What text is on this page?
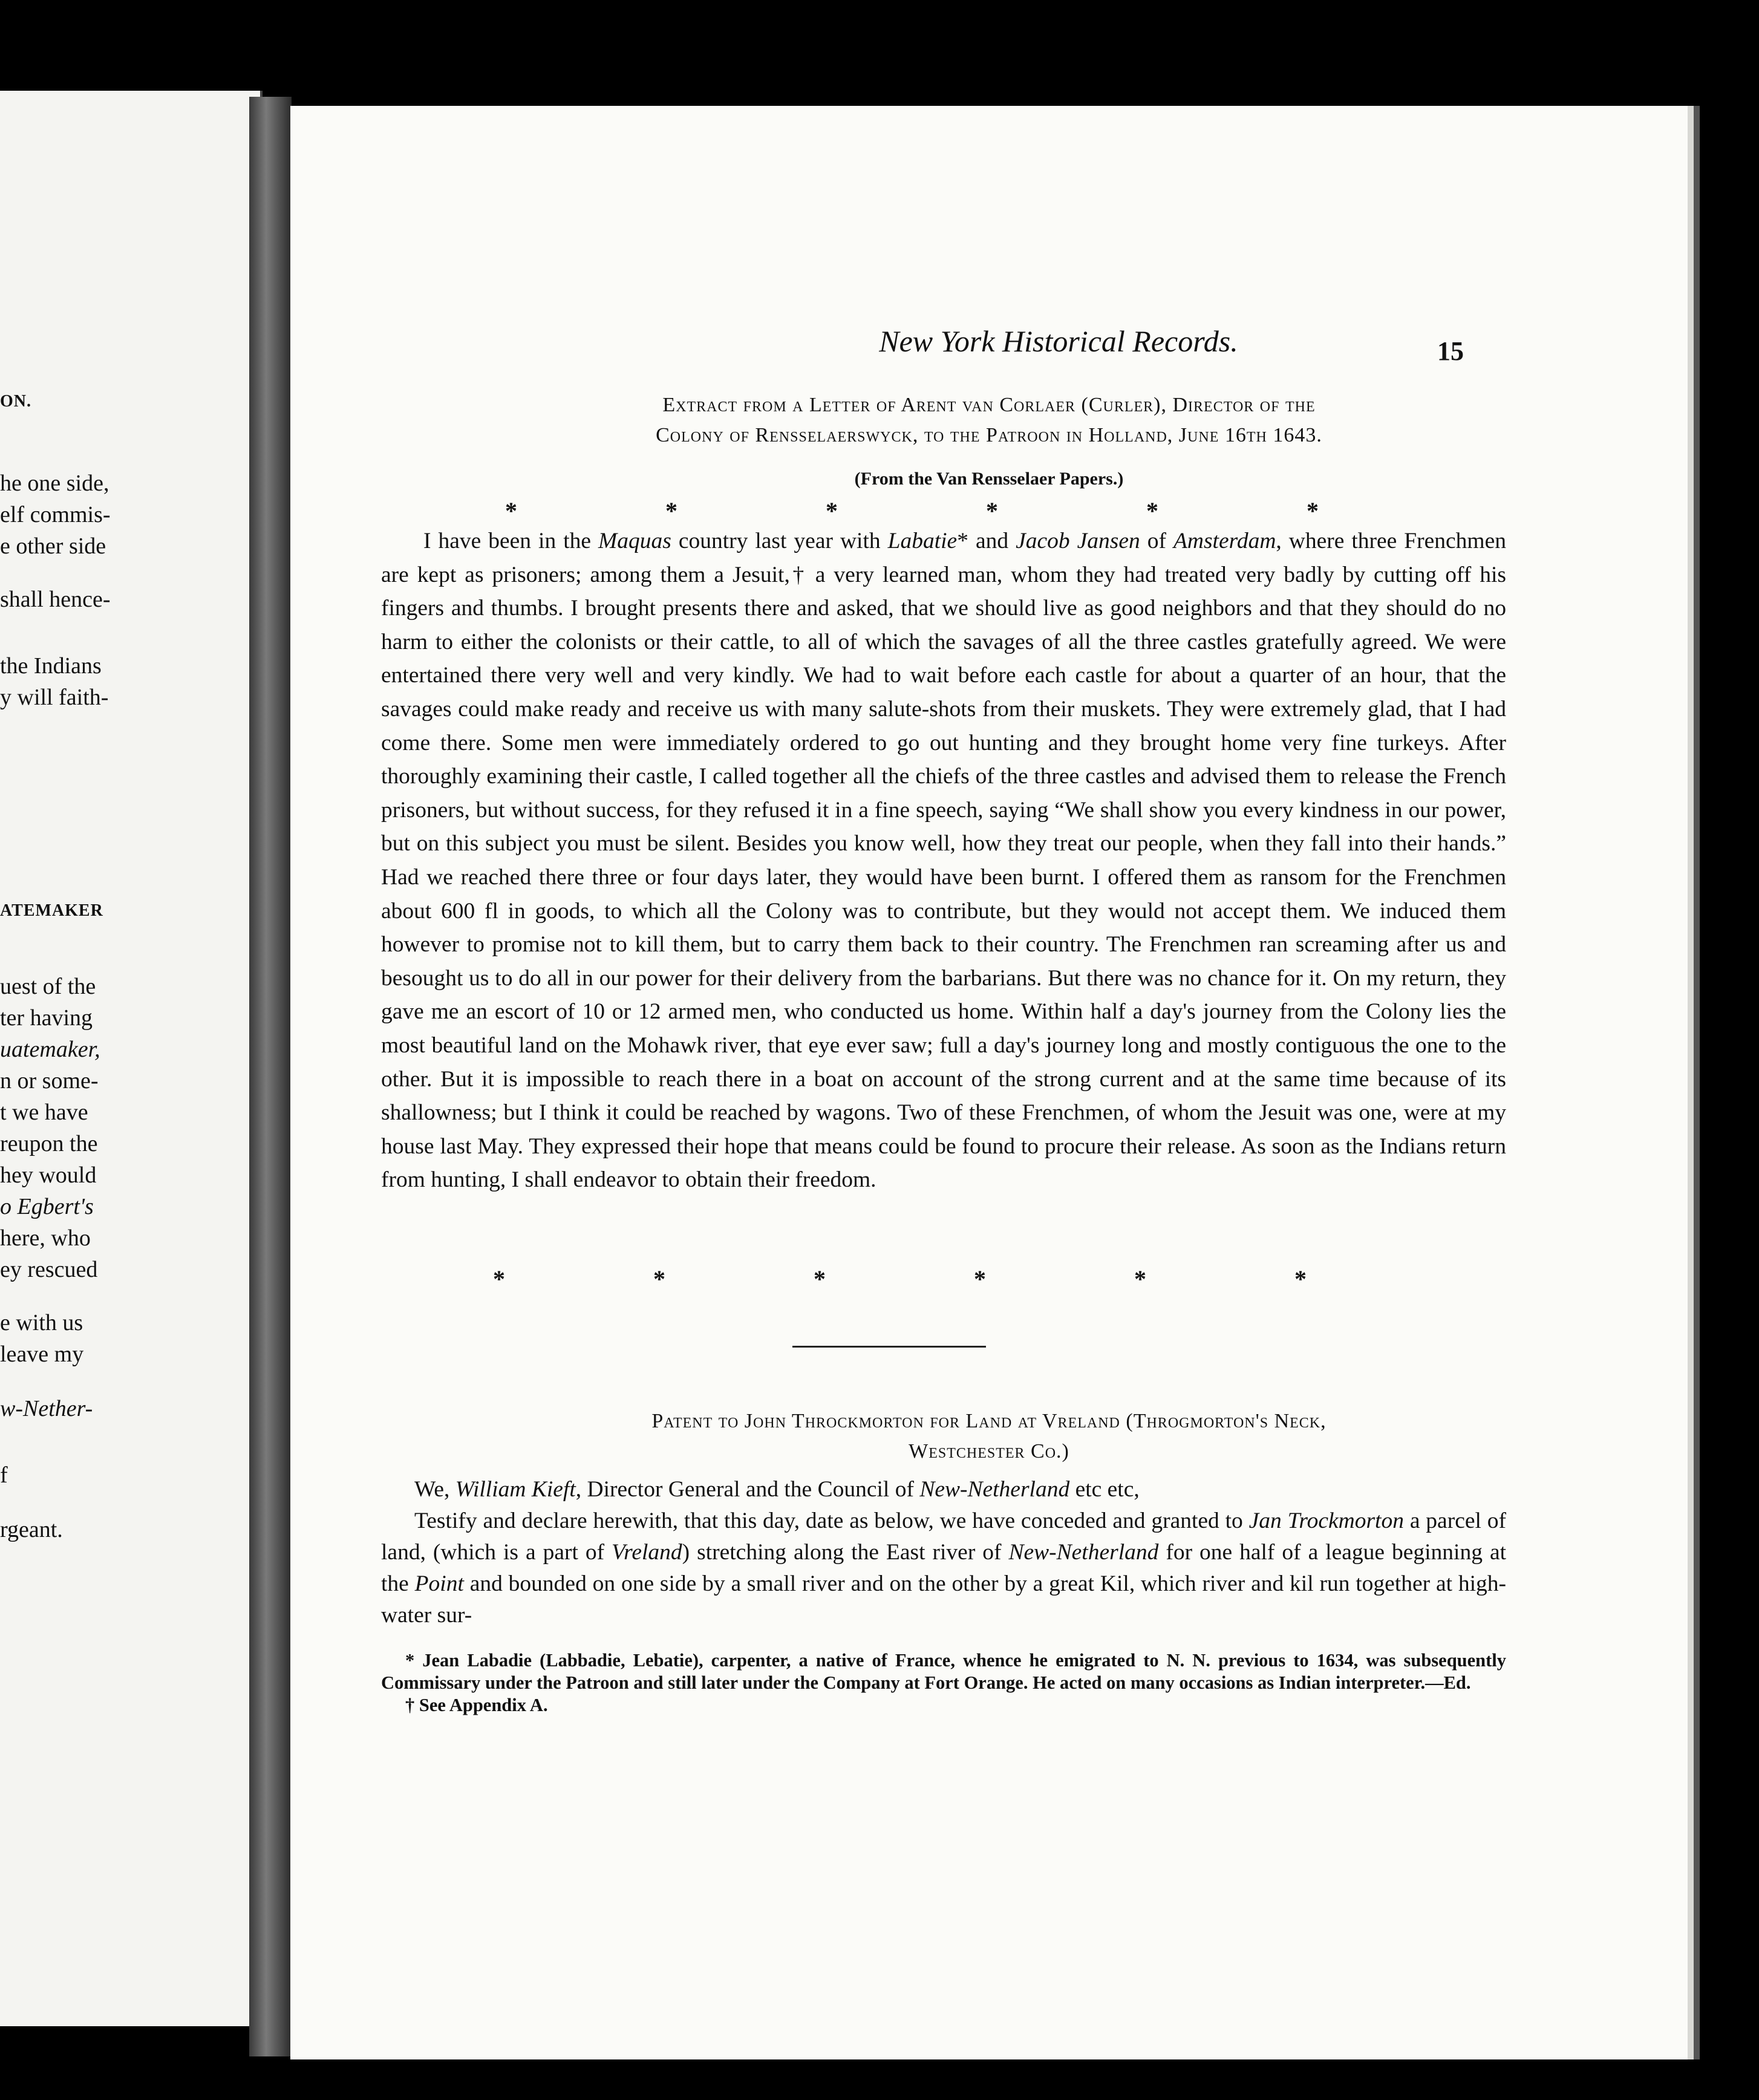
ON.
he one side,
elf commis-
e other side
shall hence-
the Indians
y will faith-
ATEMAKER
uest of the
ter having
uatemaker,
n or some-
t we have
reupon the
hey would
o Egbert's
here, who
ey rescued
e with us
leave my
w-Nether-
f
rgeant.
New York Historical Records.	15
Extract from a Letter of Arent van Corlaer (Curler), Director of the
Colony of Rensselaerswyck, to the Patroon in Holland, June 16th 1643.
(From the Van Rensselaer Papers.)
*	*	*	*	*	*
I have been in the Maquas country last year with Labatie* and Jacob Jansen of Amsterdam, where three Frenchmen are kept as prisoners; among them a Jesuit,† a very learned man, whom they had treated very badly by cutting off his fingers and thumbs. I brought presents there and asked, that we should live as good neighbors and that they should do no harm to either the colonists or their cattle, to all of which the savages of all the three castles gratefully agreed. We were entertained there very well and very kindly. We had to wait before each castle for about a quarter of an hour, that the savages could make ready and receive us with many salute-shots from their muskets. They were extremely glad, that I had come there. Some men were immediately ordered to go out hunting and they brought home very fine turkeys. After thoroughly examining their castle, I called together all the chiefs of the three castles and advised them to release the French prisoners, but without success, for they refused it in a fine speech, saying “We shall show you every kindness in our power, but on this subject you must be silent. Besides you know well, how they treat our people, when they fall into their hands.” Had we reached there three or four days later, they would have been burnt. I offered them as ransom for the Frenchmen about 600 fl in goods, to which all the Colony was to contribute, but they would not accept them. We induced them however to promise not to kill them, but to carry them back to their country. The Frenchmen ran screaming after us and besought us to do all in our power for their delivery from the barbarians. But there was no chance for it. On my return, they gave me an escort of 10 or 12 armed men, who conducted us home. Within half a day's journey from the Colony lies the most beautiful land on the Mohawk river, that eye ever saw; full a day's journey long and mostly contiguous the one to the other. But it is impossible to reach there in a boat on account of the strong current and at the same time because of its shallowness; but I think it could be reached by wagons. Two of these Frenchmen, of whom the Jesuit was one, were at my house last May. They expressed their hope that means could be found to procure their release. As soon as the Indians return from hunting, I shall endeavor to obtain their freedom.
*	*	*	*	*	*
Patent to John Throckmorton for Land at Vreland (Throgmorton's Neck,
Westchester Co.)

We, William Kieft, Director General and the Council of New-Netherland etc etc,

Testify and declare herewith, that this day, date as below, we have conceded and granted to Jan Trockmorton a parcel of land, (which is a part of Vreland) stretching along the East river of New-Netherland for one half of a league beginning at the Point and bounded on one side by a small river and on the other by a great Kil, which river and kil run together at high-water sur-

* Jean Labadie (Labbadie, Lebatie), carpenter, a native of France, whence he emigrated to N. N. previous to 1634, was subsequently Commissary under the Patroon and still later under the Company at Fort Orange. He acted on many occasions as Indian interpreter.—Ed.

† See Appendix A.
